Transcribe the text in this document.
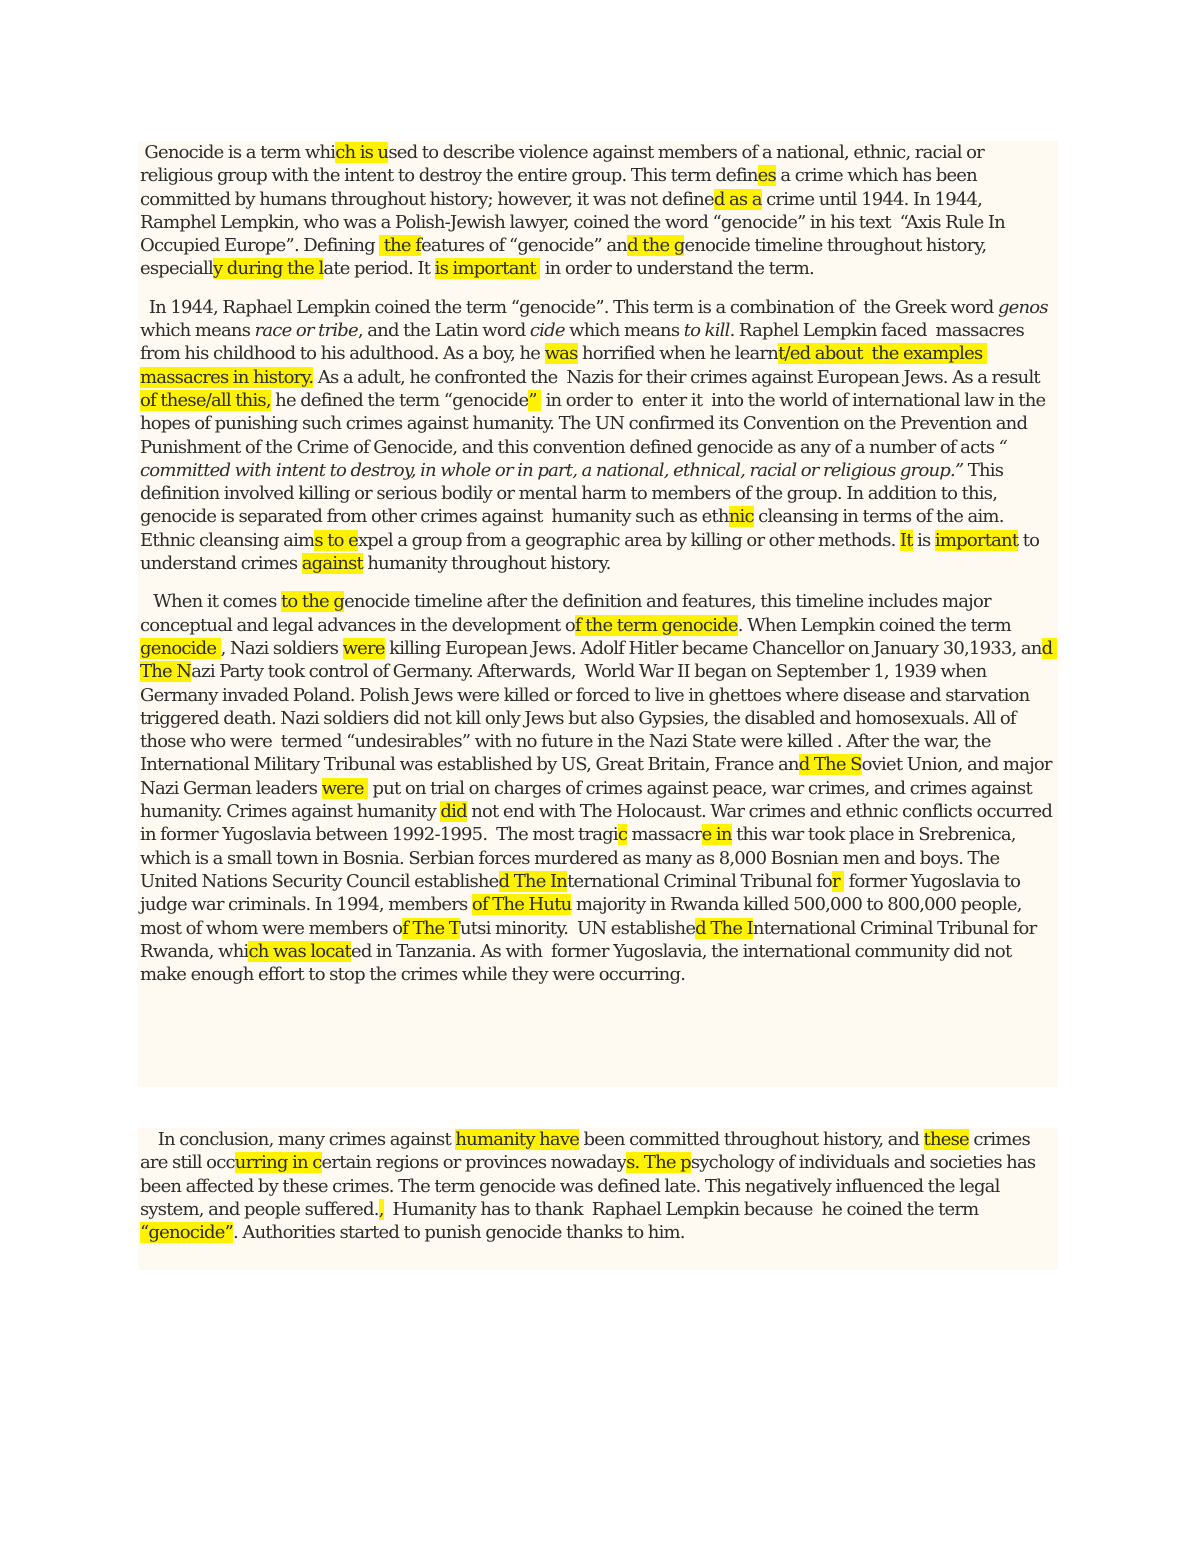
Genocide is a term which is used to describe violence against members of a national, ethnic, racial or religious group with the intent to destroy the entire group. This term defines a crime which has been committed by humans throughout history; however, it was not defined as a crime until 1944. In 1944, Ramphel Lempkin, who was a Polish-Jewish lawyer, coined the word “genocide” in his text  “Axis Rule In Occupied Europe”. Defining  the features of “genocide” and the genocide timeline throughout history, especially during the late period. It is important  in order to understand the term.
In 1944, Raphael Lempkin coined the term “genocide”. This term is a combination of  the Greek word genos which means race or tribe, and the Latin word cide which means to kill. Raphel Lempkin faced  massacres from his childhood to his adulthood. As a boy, he was horrified when he learnt/ed about  the examples massacres in history. As a adult, he confronted the  Nazis for their crimes against European Jews. As a result of these/all this, he defined the term “genocide”  in order to  enter it  into the world of international law in the hopes of punishing such crimes against humanity. The UN confirmed its Convention on the Prevention and Punishment of the Crime of Genocide, and this convention defined genocide as any of a number of acts “ committed with intent to destroy, in whole or in part, a national, ethnical, racial or religious group.” This definition involved killing or serious bodily or mental harm to members of the group. In addition to this, genocide is separated from other crimes against  humanity such as ethnic cleansing in terms of the aim.  Ethnic cleansing aims to expel a group from a geographic area by killing or other methods. It is important to understand crimes against humanity throughout history.
When it comes to the genocide timeline after the definition and features, this timeline includes major conceptual and legal advances in the development of the term genocide. When Lempkin coined the term genocide , Nazi soldiers were killing European Jews. Adolf Hitler became Chancellor on January 30,1933, and The Nazi Party took control of Germany. Afterwards,  World War II began on September 1, 1939 when Germany invaded Poland. Polish Jews were killed or forced to live in ghettoes where disease and starvation triggered death. Nazi soldiers did not kill only Jews but also Gypsies, the disabled and homosexuals. All of those who were  termed “undesirables” with no future in the Nazi State were killed . After the war, the International Military Tribunal was established by US, Great Britain, France and The Soviet Union, and major Nazi German leaders were  put on trial on charges of crimes against peace, war crimes, and crimes against humanity. Crimes against humanity did not end with The Holocaust. War crimes and ethnic conflicts occurred in former Yugoslavia between 1992-1995.  The most tragic massacre in this war took place in Srebrenica, which is a small town in Bosnia. Serbian forces murdered as many as 8,000 Bosnian men and boys. The United Nations Security Council established The International Criminal Tribunal for  former Yugoslavia to judge war criminals. In 1994, members of The Hutu majority in Rwanda killed 500,000 to 800,000 people, most of whom were members of The Tutsi minority.  UN established The International Criminal Tribunal for Rwanda, which was located in Tanzania. As with  former Yugoslavia, the international community did not make enough effort to stop the crimes while they were occurring.
In conclusion, many crimes against humanity have been committed throughout history, and these crimes are still occurring in certain regions or provinces nowadays. The psychology of individuals and societies has been affected by these crimes. The term genocide was defined late. This negatively influenced the legal system, and people suffered.,  Humanity has to thank  Raphael Lempkin because  he coined the term “genocide”. Authorities started to punish genocide thanks to him.
